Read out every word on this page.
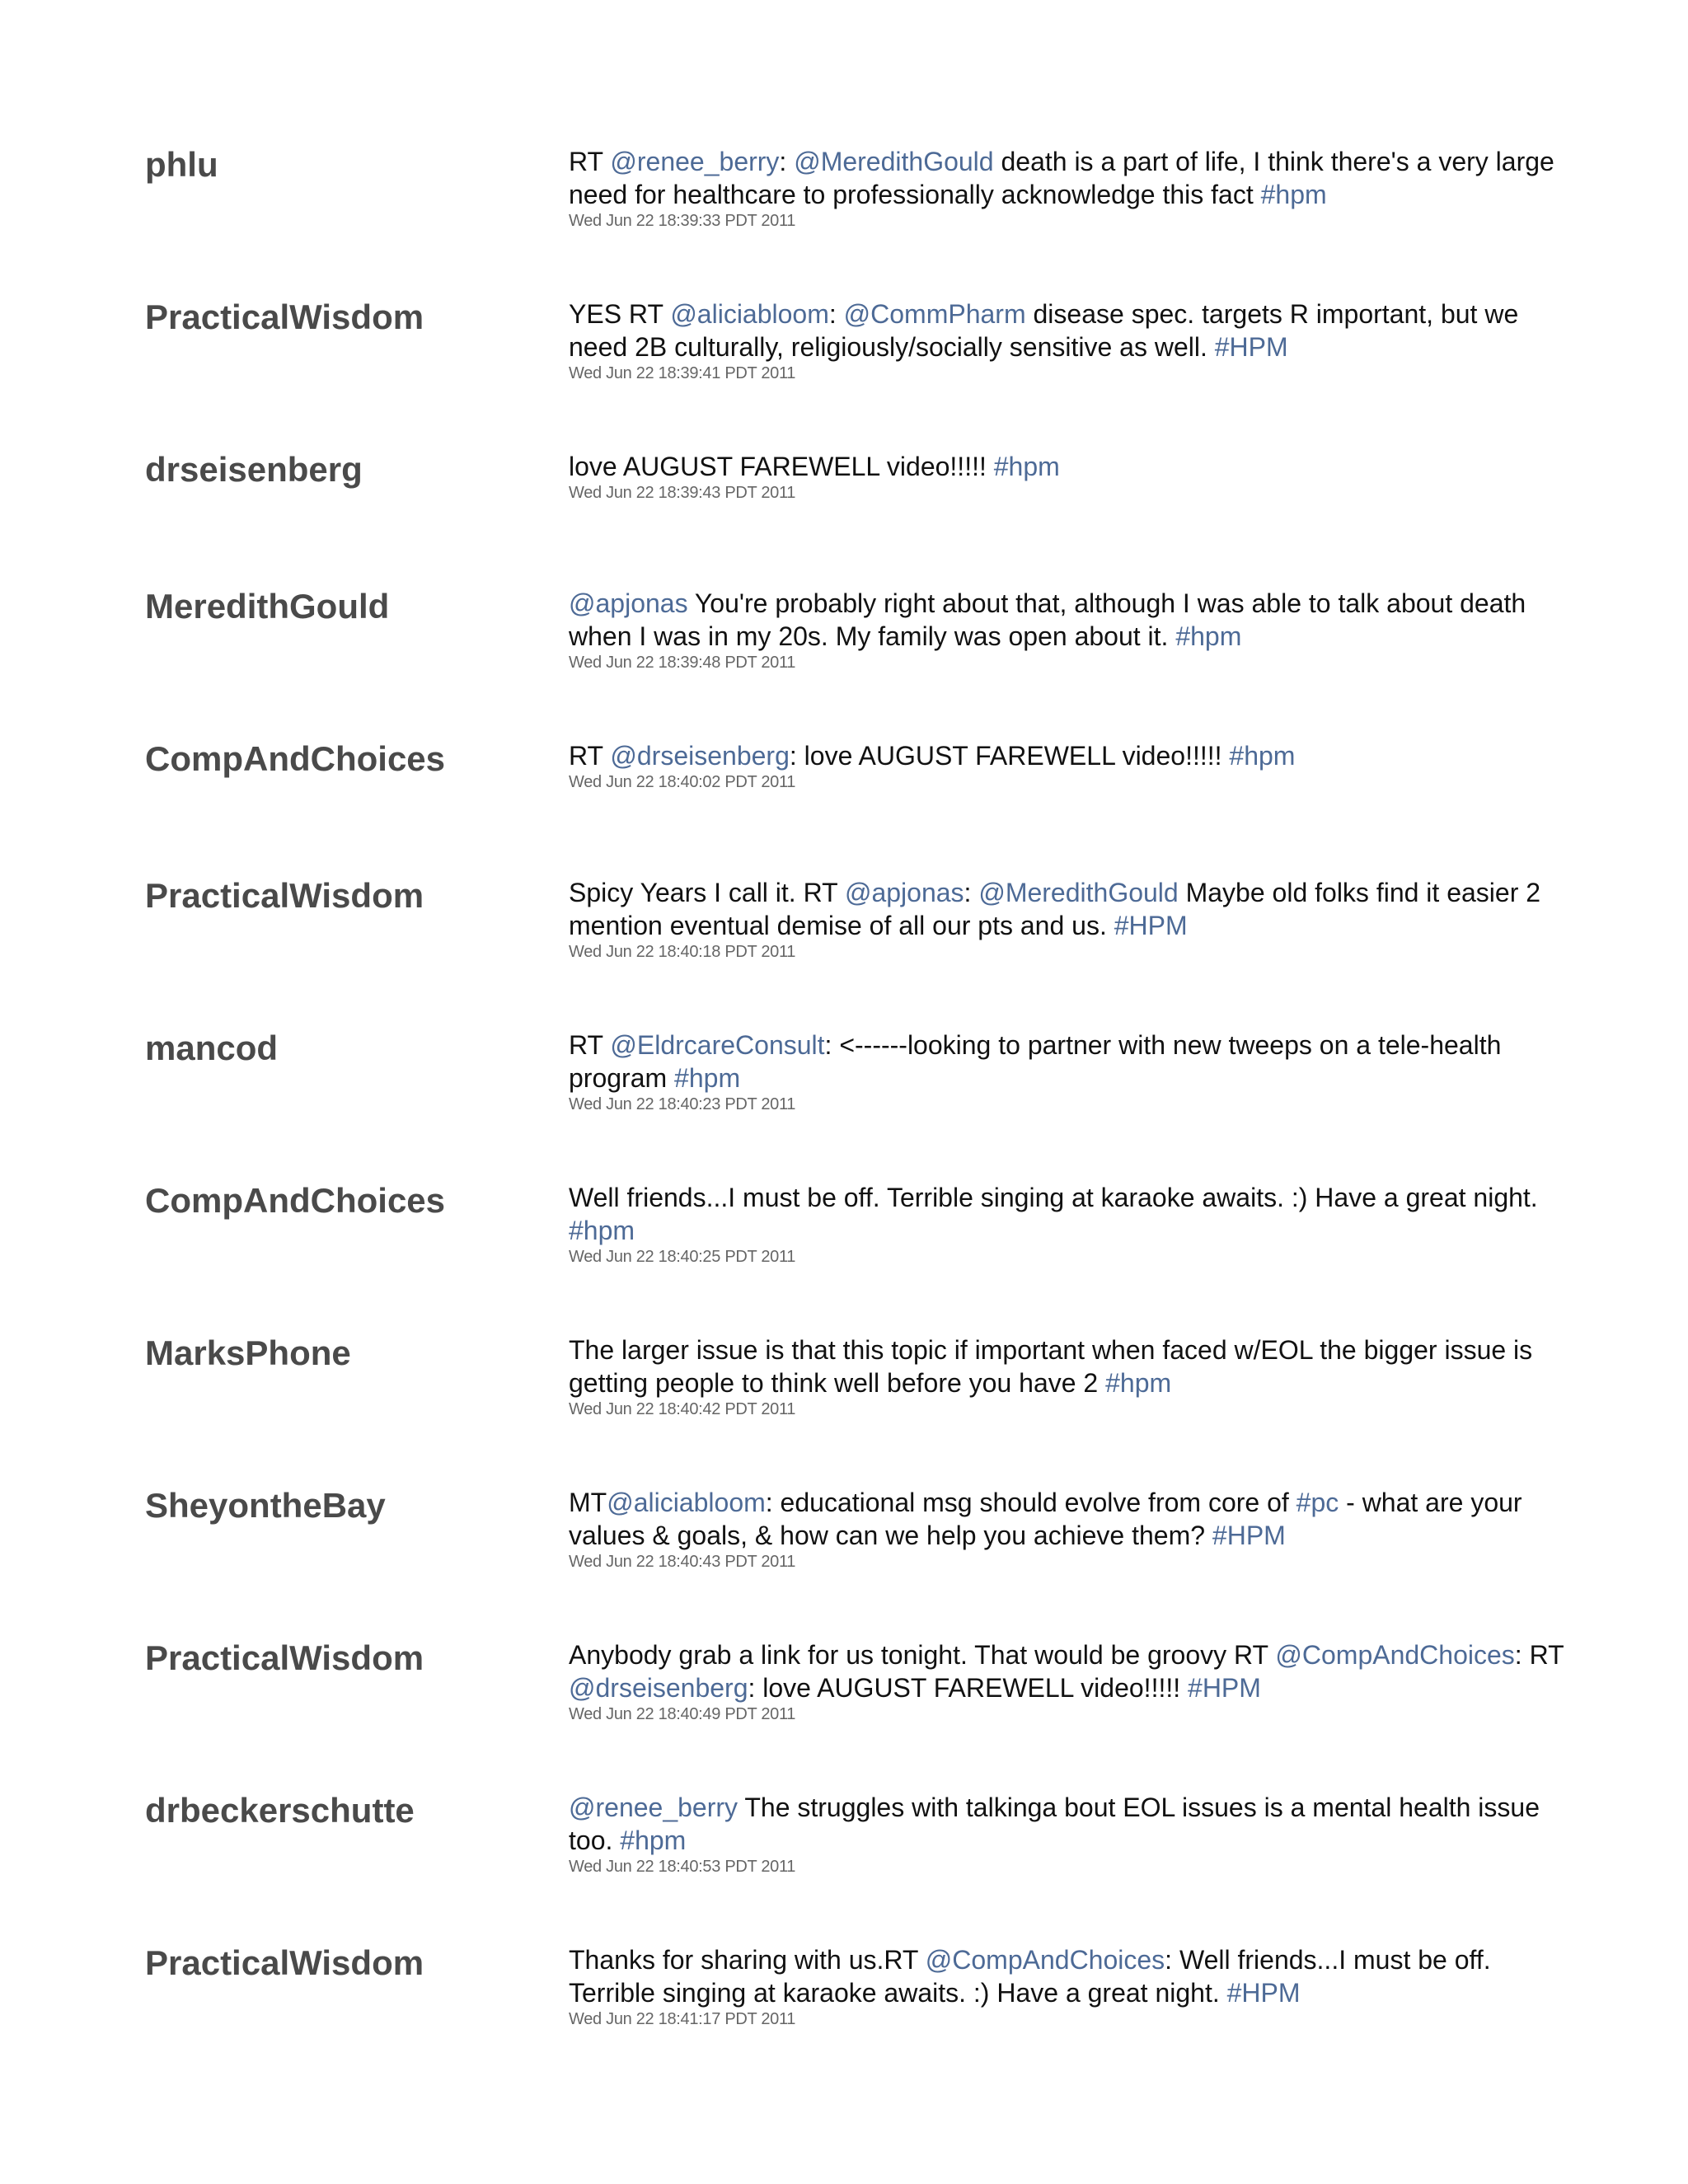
phlu	RT @renee_berry: @MeredithGould death is a part of life, I think there's a very large need for healthcare to professionally acknowledge this fact #hpm
Wed Jun 22 18:39:33 PDT 2011
PracticalWisdom	YES RT @aliciabloom: @CommPharm disease spec. targets R important, but we need 2B culturally, religiously/socially sensitive as well. #HPM
Wed Jun 22 18:39:41 PDT 2011
drseisenberg	love AUGUST FAREWELL video!!!!! #hpm
Wed Jun 22 18:39:43 PDT 2011
MeredithGould	@apjonas You're probably right about that, although I was able to talk about death when I was in my 20s. My family was open about it. #hpm
Wed Jun 22 18:39:48 PDT 2011
CompAndChoices	RT @drseisenberg: love AUGUST FAREWELL video!!!!! #hpm
Wed Jun 22 18:40:02 PDT 2011
PracticalWisdom	Spicy Years I call it. RT @apjonas: @MeredithGould Maybe old folks find it easier 2 mention eventual demise of all our pts and us. #HPM
Wed Jun 22 18:40:18 PDT 2011
mancod	RT @EldrcareConsult: <------looking to partner with new tweeps on a tele-health program #hpm
Wed Jun 22 18:40:23 PDT 2011
CompAndChoices	Well friends...I must be off. Terrible singing at karaoke awaits. :) Have a great night. #hpm
Wed Jun 22 18:40:25 PDT 2011
MarksPhone	The larger issue is that this topic if important when faced w/EOL the bigger issue is getting people to think well before you have 2 #hpm
Wed Jun 22 18:40:42 PDT 2011
SheyontheBay	MT@aliciabloom: educational msg should evolve from core of #pc - what are your values & goals, & how can we help you achieve them? #HPM
Wed Jun 22 18:40:43 PDT 2011
PracticalWisdom	Anybody grab a link for us tonight. That would be groovy RT @CompAndChoices: RT @drseisenberg: love AUGUST FAREWELL video!!!!! #HPM
Wed Jun 22 18:40:49 PDT 2011
drbeckerschutte	@renee_berry The struggles with talkinga bout EOL issues is a mental health issue too. #hpm
Wed Jun 22 18:40:53 PDT 2011
PracticalWisdom	Thanks for sharing with us.RT @CompAndChoices: Well friends...I must be off. Terrible singing at karaoke awaits. :) Have a great night. #HPM
Wed Jun 22 18:41:17 PDT 2011
